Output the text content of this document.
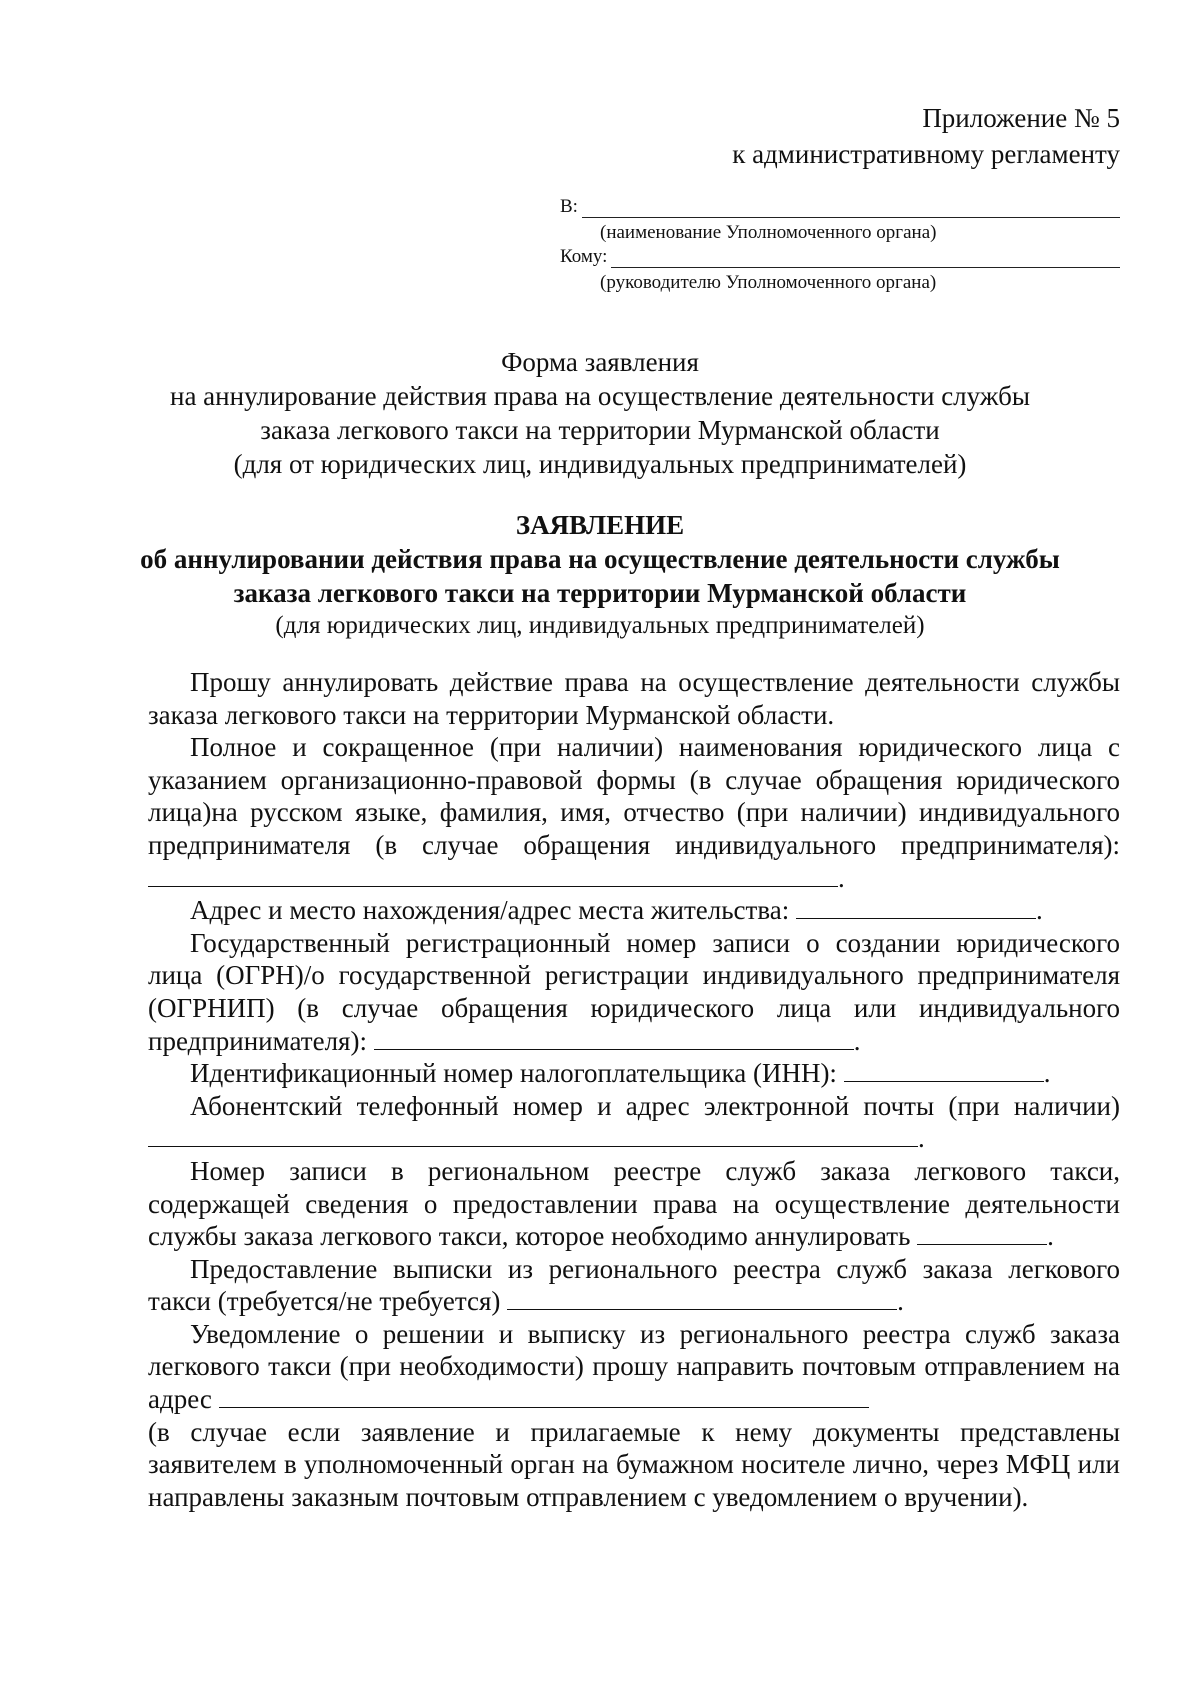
Приложение № 5
к административному регламенту
В:
(наименование Уполномоченного органа)
Кому:
(руководителю Уполномоченного органа)
Форма заявления
на аннулирование действия права на осуществление деятельности службы
заказа легкового такси на территории Мурманской области
(для от юридических лиц, индивидуальных предпринимателей)
ЗАЯВЛЕНИЕ
об аннулировании действия права на осуществление деятельности службы
заказа легкового такси на территории Мурманской области
(для юридических лиц, индивидуальных предпринимателей)

Прошу аннулировать действие права на осуществление деятельности службы заказа легкового такси на территории Мурманской области.

Полное и сокращенное (при наличии) наименования юридического лица с указанием организационно-правовой формы (в случае обращения юридического лица)на русском языке, фамилия, имя, отчество (при наличии) индивидуального предпринимателя (в случае обращения индивидуального предпринимателя): .

Адрес и место нахождения/адрес места жительства:	.

Государственный регистрационный номер записи о создании юридического лица (ОГРН)/о государственной регистрации индивидуального предпринимателя (ОГРНИП) (в случае обращения юридического лица или индивидуального предпринимателя):	.

Идентификационный номер налогоплательщика (ИНН):	.

Абонентский телефонный номер и адрес электронной почты (при наличии).

Номер записи в региональном реестре служб заказа легкового такси, содержащей сведения о предоставлении права на осуществление деятельности службы заказа легкового такси, которое необходимо аннулировать	.

Предоставление выписки из регионального реестра служб заказа легкового такси (требуется/не требуется)	.

Уведомление о решении и выписку из регионального реестра служб заказа легкового такси (при необходимости) прошу направить почтовым отправлением на адрес

(в случае если заявление и прилагаемые к нему документы представлены заявителем в уполномоченный орган на бумажном носителе лично, через МФЦ или направлены заказным почтовым отправлением с уведомлением о вручении).
